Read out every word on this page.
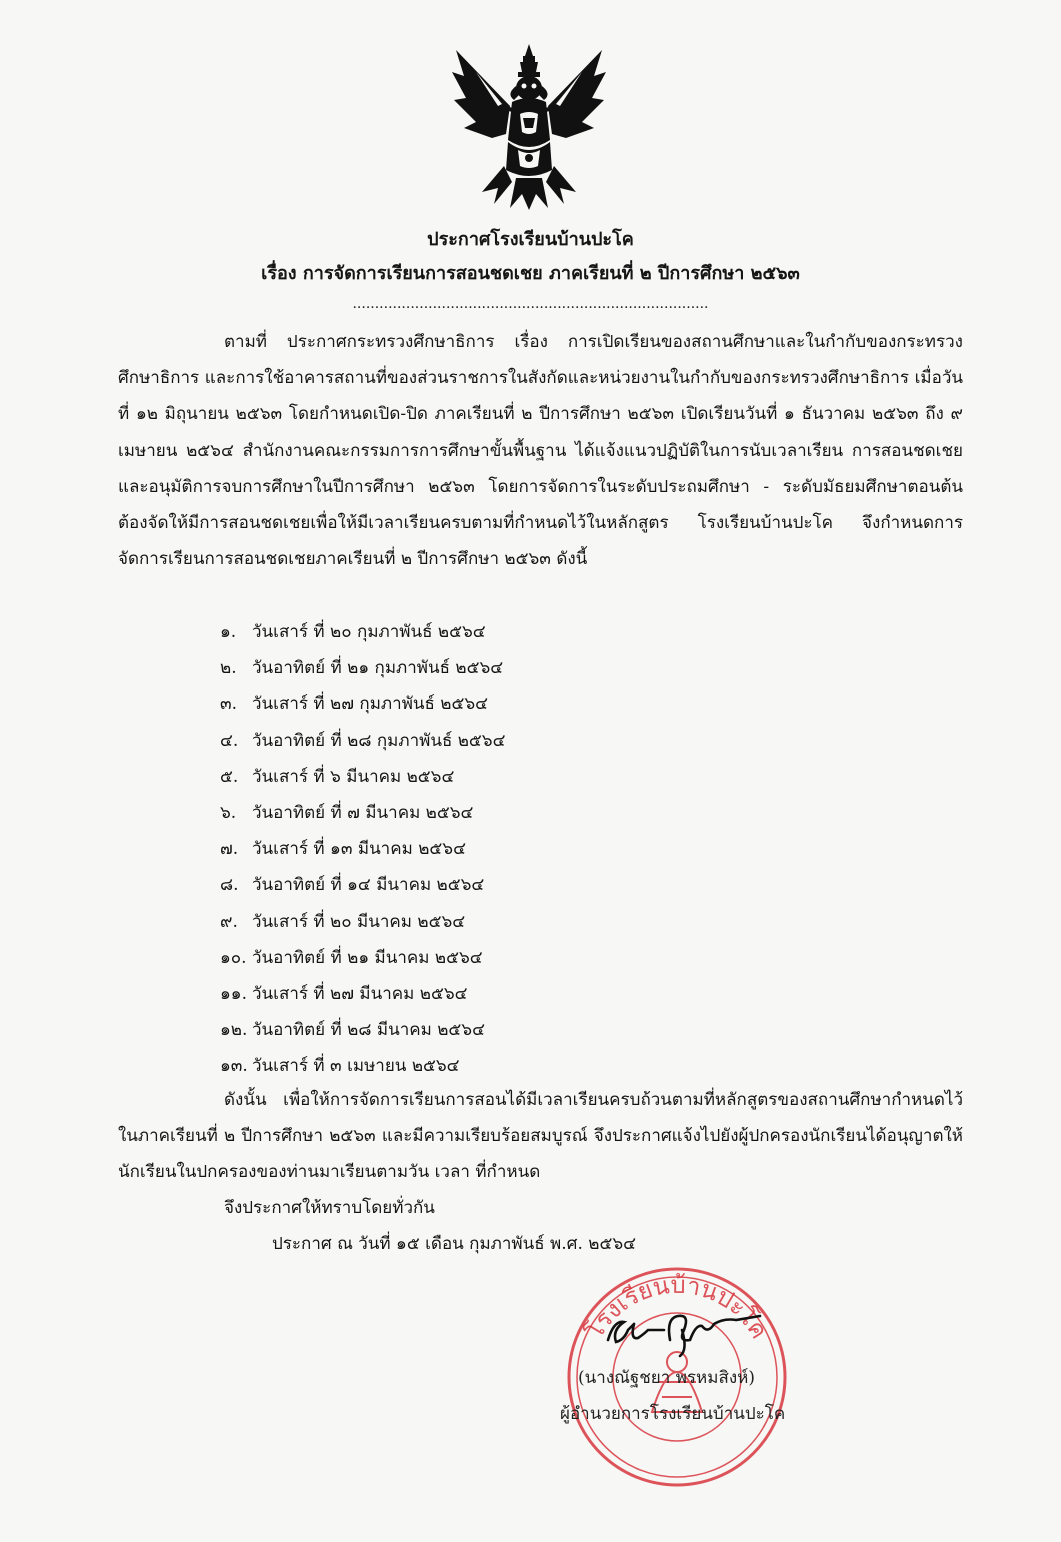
ประกาศโรงเรียนบ้านปะโค
เรื่อง การจัดการเรียนการสอนชดเชย ภาคเรียนที่ ๒ ปีการศึกษา ๒๕๖๓
................................................................................
ตามที่ ประกาศกระทรวงศึกษาธิการ เรื่อง การเปิดเรียนของสถานศึกษาและในกำกับของกระทรวงศึกษาธิการ และการใช้อาคารสถานที่ของส่วนราชการในสังกัดและหน่วยงานในกำกับของกระทรวงศึกษาธิการ เมื่อวันที่ ๑๒ มิถุนายน ๒๕๖๓ โดยกำหนดเปิด-ปิด ภาคเรียนที่ ๒ ปีการศึกษา ๒๕๖๓ เปิดเรียนวันที่ ๑ ธันวาคม ๒๕๖๓ ถึง ๙ เมษายน ๒๕๖๔ สำนักงานคณะกรรมการการศึกษาขั้นพื้นฐาน ได้แจ้งแนวปฏิบัติในการนับเวลาเรียน การสอนชดเชยและอนุมัติการจบการศึกษาในปีการศึกษา ๒๕๖๓ โดยการจัดการในระดับประถมศึกษา - ระดับมัธยมศึกษาตอนต้น ต้องจัดให้มีการสอนชดเชยเพื่อให้มีเวลาเรียนครบตามที่กำหนดไว้ในหลักสูตร โรงเรียนบ้านปะโค จึงกำหนดการจัดการเรียนการสอนชดเชยภาคเรียนที่ ๒ ปีการศึกษา ๒๕๖๓ ดังนี้
๑. วันเสาร์ ที่ ๒๐ กุมภาพันธ์ ๒๕๖๔
๒. วันอาทิตย์ ที่ ๒๑ กุมภาพันธ์ ๒๕๖๔
๓. วันเสาร์ ที่ ๒๗ กุมภาพันธ์ ๒๕๖๔
๔. วันอาทิตย์ ที่ ๒๘ กุมภาพันธ์ ๒๕๖๔
๕. วันเสาร์ ที่ ๖ มีนาคม ๒๕๖๔
๖. วันอาทิตย์ ที่ ๗ มีนาคม ๒๕๖๔
๗. วันเสาร์ ที่ ๑๓ มีนาคม ๒๕๖๔
๘. วันอาทิตย์ ที่ ๑๔ มีนาคม ๒๕๖๔
๙. วันเสาร์ ที่ ๒๐ มีนาคม ๒๕๖๔
๑๐. วันอาทิตย์ ที่ ๒๑ มีนาคม ๒๕๖๔
๑๑. วันเสาร์ ที่ ๒๗ มีนาคม ๒๕๖๔
๑๒. วันอาทิตย์ ที่ ๒๘ มีนาคม ๒๕๖๔
๑๓. วันเสาร์ ที่ ๓ เมษายน ๒๕๖๔
ดังนั้น เพื่อให้การจัดการเรียนการสอนได้มีเวลาเรียนครบถ้วนตามที่หลักสูตรของสถานศึกษากำหนดไว้ ในภาคเรียนที่ ๒ ปีการศึกษา ๒๕๖๓ และมีความเรียบร้อยสมบูรณ์ จึงประกาศแจ้งไปยังผู้ปกครองนักเรียนได้อนุญาตให้นักเรียนในปกครองของท่านมาเรียนตามวัน เวลา ที่กำหนด
จึงประกาศให้ทราบโดยทั่วกัน
ประกาศ ณ วันที่ ๑๕ เดือน กุมภาพันธ์ พ.ศ. ๒๕๖๔
โรงเรียนบ้านปะโค
(นางณัฐชยา พรหมสิงห์)
ผู้อำนวยการโรงเรียนบ้านปะโค
